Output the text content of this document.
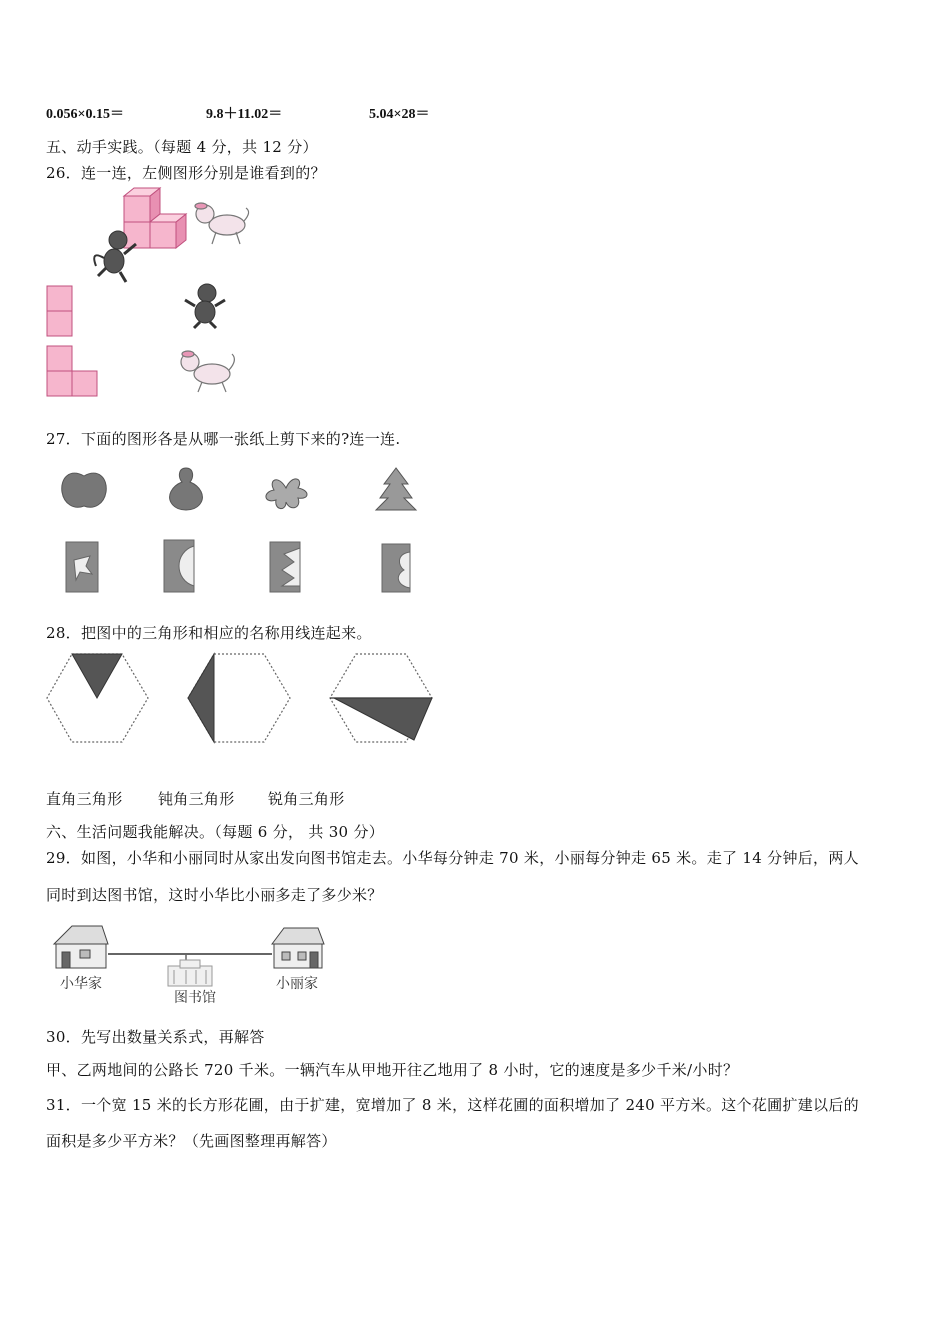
0.056×0.15＝	9.8＋11.02＝	5.04×28＝
五、动手实践。（每题 4 分，共 12 分）
26．连一连，左侧图形分别是谁看到的？
27．下面的图形各是从哪一张纸上剪下来的?连一连.
28．把图中的三角形和相应的名称用线连起来。
直角三角形 钝角三角形 锐角三角形
六、生活问题我能解决。（每题 6 分， 共 30 分）
29．如图，小华和小丽同时从家出发向图书馆走去。小华每分钟走 70 米，小丽每分钟走 65 米。走了 14 分钟后，两人
同时到达图书馆，这时小华比小丽多走了多少米？
小华家
图书馆
小丽家
30．先写出数量关系式，再解答
甲、乙两地间的公路长 720 千米。一辆汽车从甲地开往乙地用了 8 小时，它的速度是多少千米/小时？
31．一个宽 15 米的长方形花圃，由于扩建，宽增加了 8 米，这样花圃的面积增加了 240 平方米。这个花圃扩建以后的
面积是多少平方米？（先画图整理再解答）
